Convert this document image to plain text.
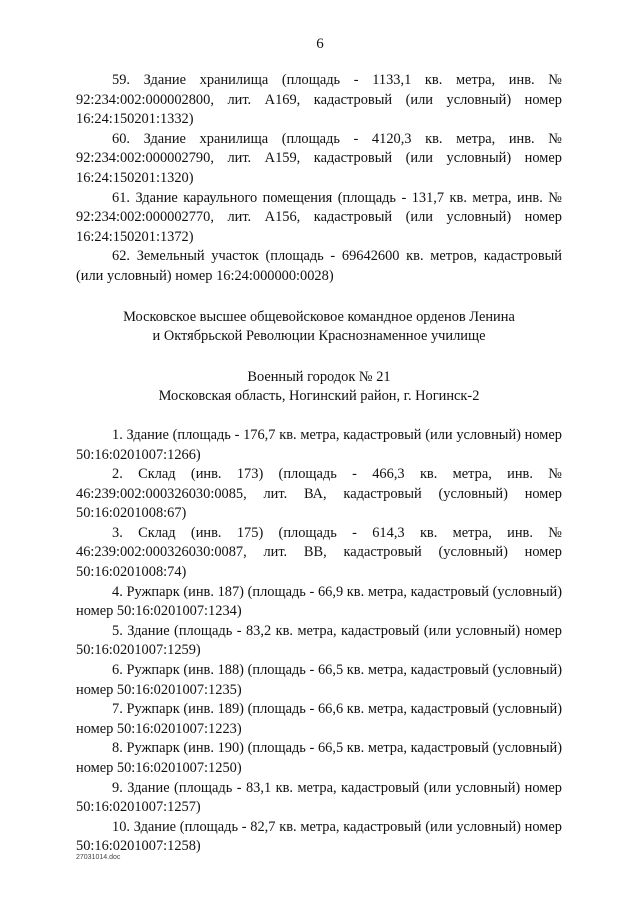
6

59. Здание хранилища (площадь - 1133,1 кв. метра, инв. № 92:234:002:000002800, лит. А169, кадастровый (или условный) номер 16:24:150201:1332)

60. Здание хранилища (площадь - 4120,3 кв. метра, инв. № 92:234:002:000002790, лит. А159, кадастровый (или условный) номер 16:24:150201:1320)

61. Здание караульного помещения (площадь - 131,7 кв. метра, инв. № 92:234:002:000002770, лит. А156, кадастровый (или условный) номер 16:24:150201:1372)

62. Земельный участок (площадь - 69642600 кв. метров, кадастровый (или условный) номер 16:24:000000:0028)

Московское высшее общевойсковое командное орденов Ленина

и Октябрьской Революции Краснознаменное училище

Военный городок № 21

Московская область, Ногинский район, г. Ногинск-2

1. Здание (площадь - 176,7 кв. метра, кадастровый (или условный) номер 50:16:0201007:1266)

2. Склад (инв. 173) (площадь - 466,3 кв. метра, инв. № 46:239:002:000326030:0085, лит. ВА, кадастровый (условный) номер 50:16:0201008:67)

3. Склад (инв. 175) (площадь - 614,3 кв. метра, инв. № 46:239:002:000326030:0087, лит. ВВ, кадастровый (условный) номер 50:16:0201008:74)

4. Ружпарк (инв. 187) (площадь - 66,9 кв. метра, кадастровый (условный) номер 50:16:0201007:1234)

5. Здание (площадь - 83,2 кв. метра, кадастровый (или условный) номер 50:16:0201007:1259)

6. Ружпарк (инв. 188) (площадь - 66,5 кв. метра, кадастровый (условный) номер 50:16:0201007:1235)

7. Ружпарк (инв. 189) (площадь - 66,6 кв. метра, кадастровый (условный) номер 50:16:0201007:1223)

8. Ружпарк (инв. 190) (площадь - 66,5 кв. метра, кадастровый (условный) номер 50:16:0201007:1250)

9. Здание (площадь - 83,1 кв. метра, кадастровый (или условный) номер 50:16:0201007:1257)

10. Здание (площадь - 82,7 кв. метра, кадастровый (или условный) номер 50:16:0201007:1258)

27031014.doc
